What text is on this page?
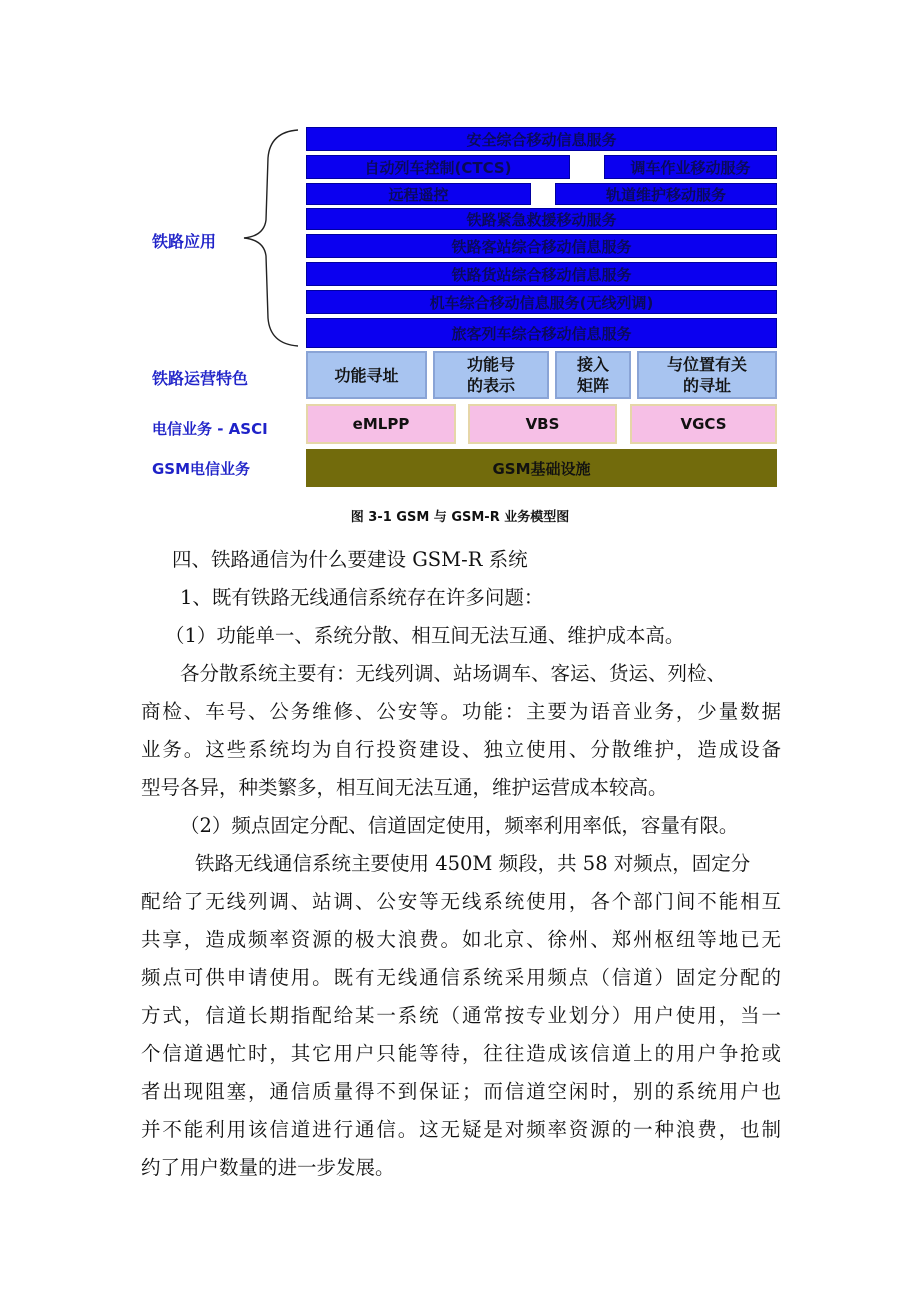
铁路应用
铁路运营特色
电信业务 - ASCI
GSM电信业务
安全综合移动信息服务
自动列车控制(CTCS)	调车作业移动服务
远程遥控	轨道维护移动服务
铁路紧急救援移动服务
铁路客站综合移动信息服务
铁路货站综合移动信息服务
机车综合移动信息服务(无线列调)
旅客列车综合移动信息服务
功能寻址
功能号
的表示
接入
矩阵
与位置有关
的寻址
eMLPP	VBS	VGCS
GSM基础设施
图 3-1 GSM 与 GSM-R 业务模型图
四、铁路通信为什么要建设 GSM-R 系统
1、既有铁路无线通信系统存在许多问题：
（1）功能单一、系统分散、相互间无法互通、维护成本高。
各分散系统主要有：无线列调、站场调车、客运、货运、列检、
商检、车号、公务维修、公安等。功能：主要为语音业务，少量数据
业务。这些系统均为自行投资建设、独立使用、分散维护，造成设备
型号各异，种类繁多，相互间无法互通，维护运营成本较高。
（2）频点固定分配、信道固定使用，频率利用率低，容量有限。
铁路无线通信系统主要使用 450M 频段，共 58 对频点，固定分
配给了无线列调、站调、公安等无线系统使用，各个部门间不能相互
共享，造成频率资源的极大浪费。如北京、徐州、郑州枢纽等地已无
频点可供申请使用。既有无线通信系统采用频点（信道）固定分配的
方式，信道长期指配给某一系统（通常按专业划分）用户使用，当一
个信道遇忙时，其它用户只能等待，往往造成该信道上的用户争抢或
者出现阻塞，通信质量得不到保证；而信道空闲时，别的系统用户也
并不能利用该信道进行通信。这无疑是对频率资源的一种浪费，也制
约了用户数量的进一步发展。
